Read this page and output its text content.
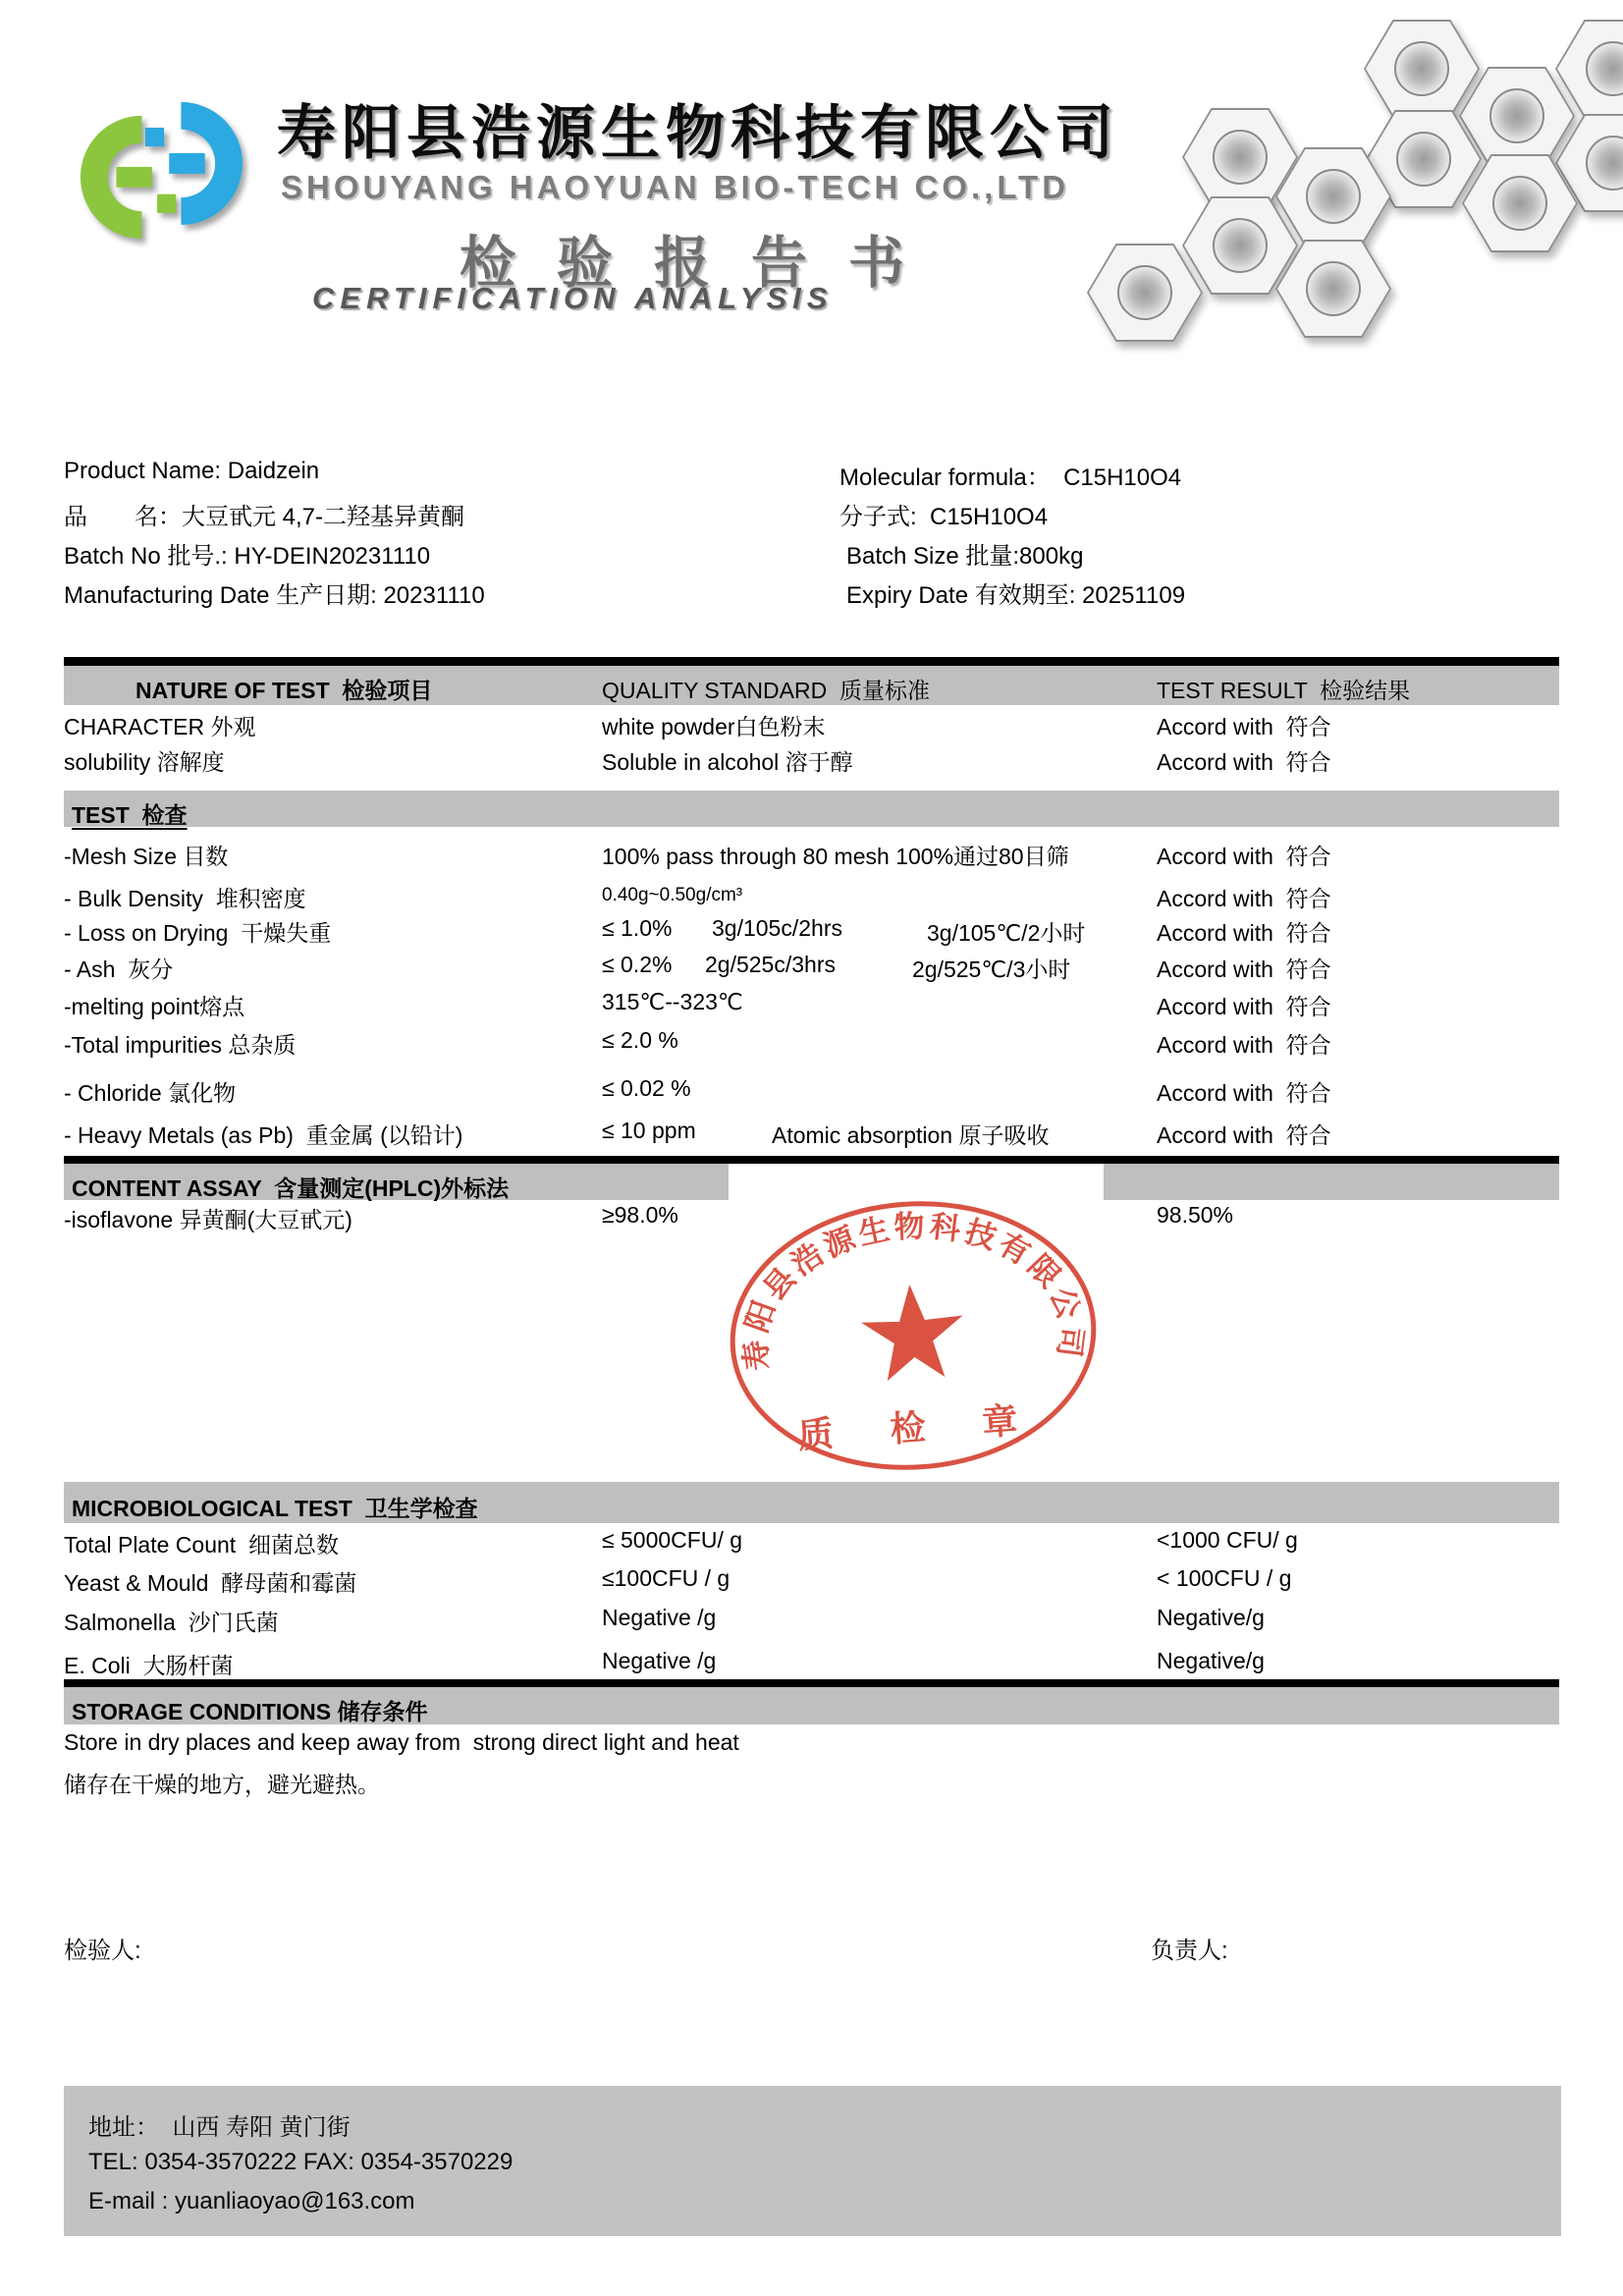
寿阳县浩源生物科技有限公司
SHOUYANG HAOYUAN BIO-TECH CO.,LTD
检验报告书
CERTIFICATION ANALYSIS
Product Name: Daidzein
品　　名：大豆甙元 4,7-二羟基异黄酮
Batch No 批号.: HY-DEIN20231110
Manufacturing Date 生产日期: 20231110
Molecular formula：  C15H10O4
分子式:  C15H10O4
Batch Size 批量:800kg
Expiry Date 有效期至: 20251109

NATURE OF TEST  检验项目

	QUALITY STANDARD  质量标准

	TEST RESULT  检验结果

CHARACTER 外观	white powder白色粉末	Accord with  符合
solubility 溶解度	Soluble in alcohol 溶于醇	Accord with  符合

TEST  检查

-Mesh Size 目数	100% pass through 80 mesh 100%通过80目筛	Accord with  符合
- Bulk Density  堆积密度	0.40g~0.50g/cm³	Accord with  符合
- Loss on Drying  干燥失重	≤ 1.0% 3g/105c/2hrs	3g/105℃/2小时	Accord with  符合
- Ash  灰分	≤ 0.2% 2g/525c/3hrs	2g/525℃/3小时	Accord with  符合
-melting point熔点	315℃--323℃	Accord with  符合
-Total impurities 总杂质	≤ 2.0 %	Accord with  符合
- Chloride 氯化物	≤ 0.02 %	Accord with  符合
- Heavy Metals (as Pb)  重金属 (以铅计)	≤ 10 ppm	Atomic absorption 原子吸收	Accord with  符合

CONTENT ASSAY  含量测定(HPLC)外标法

-isoflavone 异黄酮(大豆甙元)	≥98.0%	98.50%
寿阳县浩源生物科技有限公司
质 检 章

MICROBIOLOGICAL TEST  卫生学检查

Total Plate Count  细菌总数	≤ 5000CFU/ g	<1000 CFU/ g
Yeast & Mould  酵母菌和霉菌	≤100CFU / g	< 100CFU / g
Salmonella  沙门氏菌	Negative /g	Negative/g
E. Coli  大肠杆菌	Negative /g	Negative/g

STORAGE CONDITIONS 储存条件

Store in dry places and keep away from  strong direct light and heat
储存在干燥的地方，避光避热。
检验人:	负责人:
地址：  山西 寿阳 黄门街
TEL: 0354-3570222 FAX: 0354-3570229
E-mail : yuanliaoyao@163.com
